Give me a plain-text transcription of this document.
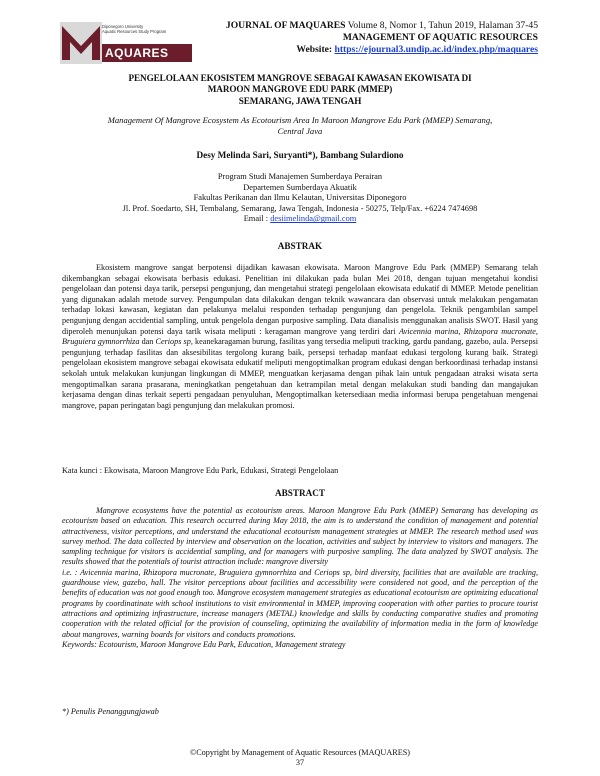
Diponegoro University
Aquatic Resources Study Program
AQUARES
JOURNAL OF MAQUARES Volume 8, Nomor 1, Tahun 2019, Halaman 37-45
MANAGEMENT OF AQUATIC RESOURCES
Website: https://ejournal3.undip.ac.id/index.php/maquares
PENGELOLAAN EKOSISTEM MANGROVE SEBAGAI KAWASAN EKOWISATA DI
MAROON MANGROVE EDU PARK (MMEP)
SEMARANG, JAWA TENGAH
Management Of Mangrove Ecosystem As Ecotourism Area In Maroon Mangrove Edu Park (MMEP) Semarang,
Central Java
Desy Melinda Sari, Suryanti*), Bambang Sulardiono
Program Studi Manajemen Sumberdaya Perairan
Departemen Sumberdaya Akuatik
Fakultas Perikanan dan Ilmu Kelautan, Universitas Diponegoro
Jl. Prof. Soedarto, SH, Tembalang, Semarang, Jawa Tengah, Indonesia - 50275, Telp/Fax. +6224 7474698
Email : desiimelinda@gmail.com
ABSTRAK
Ekosistem mangrove sangat berpotensi dijadikan kawasan ekowisata. Maroon Mangrove Edu Park (MMEP) Semarang telah dikembangkan sebagai ekowisata berbasis edukasi. Penelitian ini dilakukan pada bulan Mei 2018, dengan tujuan mengetahui kondisi pengelolaan dan potensi daya tarik, persepsi pengunjung, dan mengetahui strategi pengelolaan ekowisata edukatif di MMEP. Metode penelitian yang digunakan adalah metode survey. Pengumpulan data dilakukan dengan teknik wawancara dan observasi untuk melakukan pengamatan terhadap lokasi kawasan, kegiatan dan pelakunya melalui responden terhadap pengunjung dan pengelola. Teknik pengambilan sampel pengunjung dengan accidential sampling, untuk pengelola dengan purposive sampling. Data dianalisis menggunakan analisis SWOT. Hasil yang diperoleh menunjukan potensi daya tarik wisata meliputi : keragaman mangrove yang terdiri dari Avicennia marina, Rhizopora mucronate, Bruguiera gymnorrhiza dan Ceriops sp, keanekaragaman burung, fasilitas yang tersedia meliputi tracking, gardu pandang, gazebo, aula. Persepsi pengunjung terhadap fasilitas dan aksesibilitas tergolong kurang baik, persepsi terhadap manfaat edukasi tergolong kurang baik. Strategi pengelolaan ekosistem mangrove sebagai ekowisata edukatif meliputi mengoptimalkan program edukasi dengan berkoordinasi terhadap instansi sekolah untuk melakukan kunjungan lingkungan di MMEP, menguatkan kerjasama dengan pihak lain untuk pengadaan atraksi wisata serta mengoptimalkan sarana prasarana, meningkatkan pengetahuan dan ketrampilan metal dengan melakukan studi banding dan mangajukan kerjasama dengan dinas terkait seperti pengadaan penyuluhan, Mengoptimalkan ketersediaan media informasi berupa pengetahuan mengenai mangrove, papan peringatan bagi pengunjung dan melakukan promosi.
Kata kunci : Ekowisata, Maroon Mangrove Edu Park, Edukasi, Strategi Pengelolaan
ABSTRACT
Mangrove ecosystems have the potential as ecotourism areas. Maroon Mangrove Edu Park (MMEP) Semarang has developing as ecotourism based on education. This research occurred during May 2018, the aim is to understand the condition of management and potential attractiveness, visitor perceptions, and understand the educational ecotourism management strategies at MMEP. The research method used was survey method. The data collected by interview and observation on the location, activities and subject by interview to visitors and managers. The sampling technique for visitors is accidential sampling, and for managers with purposive sampling. The data analyzed by SWOT analysis. The results showed that the potentials of tourist attraction include: mangrove diversity
i.e. : Avicennia marina, Rhizopora mucronate, Bruguiera gymnorrhiza and Ceriops sp, bird diversity, facilities that are available are tracking, guardhouse view, gazebo, hall. The visitor perceptions about facilities and accessibility were considered not good, and the perception of the benefits of education was not good enough too. Mangrove ecosystem management strategies as educational ecotourism are optimizing educational programs by coordinatinate with school institutions to visit environmental in MMEP, improving cooperation with other parties to procure tourist attractions and optimizing infrastructure, increase managers (METAL) knowledge and skills by conducting comparative studies and promoting cooperation with the related official for the provision of counseling, optimizing the availability of information media in the form of knowledge about mangroves, warning boards for visitors and conducts promotions.
Keywords: Ecotourism, Maroon Mangrove Edu Park, Education, Management strategy
*) Penulis Penanggungjawab
©Copyright by Management of Aquatic Resources (MAQUARES)
37
